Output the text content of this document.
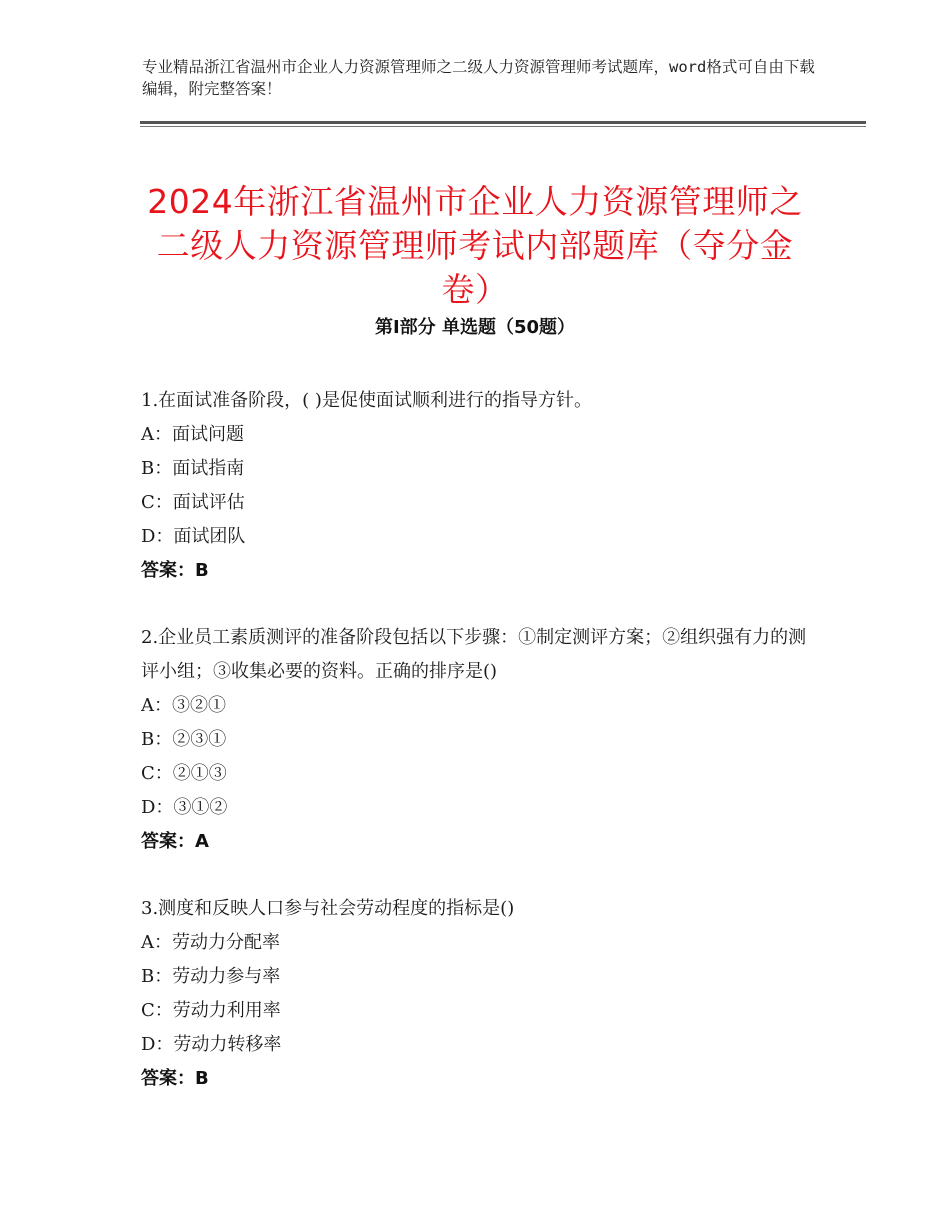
专业精品浙江省温州市企业人力资源管理师之二级人力资源管理师考试题库，word格式可自由下载编辑，附完整答案！
2024年浙江省温州市企业人力资源管理师之二级人力资源管理师考试内部题库（夺分金卷）
第Ⅰ部分 单选题（50题）

1.在面试准备阶段，( )是促使面试顺利进行的指导方针。

A：面试问题

B：面试指南

C：面试评估

D：面试团队

答案：B

2.企业员工素质测评的准备阶段包括以下步骤：①制定测评方案；②组织强有力的测评小组；③收集必要的资料。正确的排序是()

A：③②①

B：②③①

C：②①③

D：③①②

答案：A

3.测度和反映人口参与社会劳动程度的指标是()

A：劳动力分配率

B：劳动力参与率

C：劳动力利用率

D：劳动力转移率

答案：B
